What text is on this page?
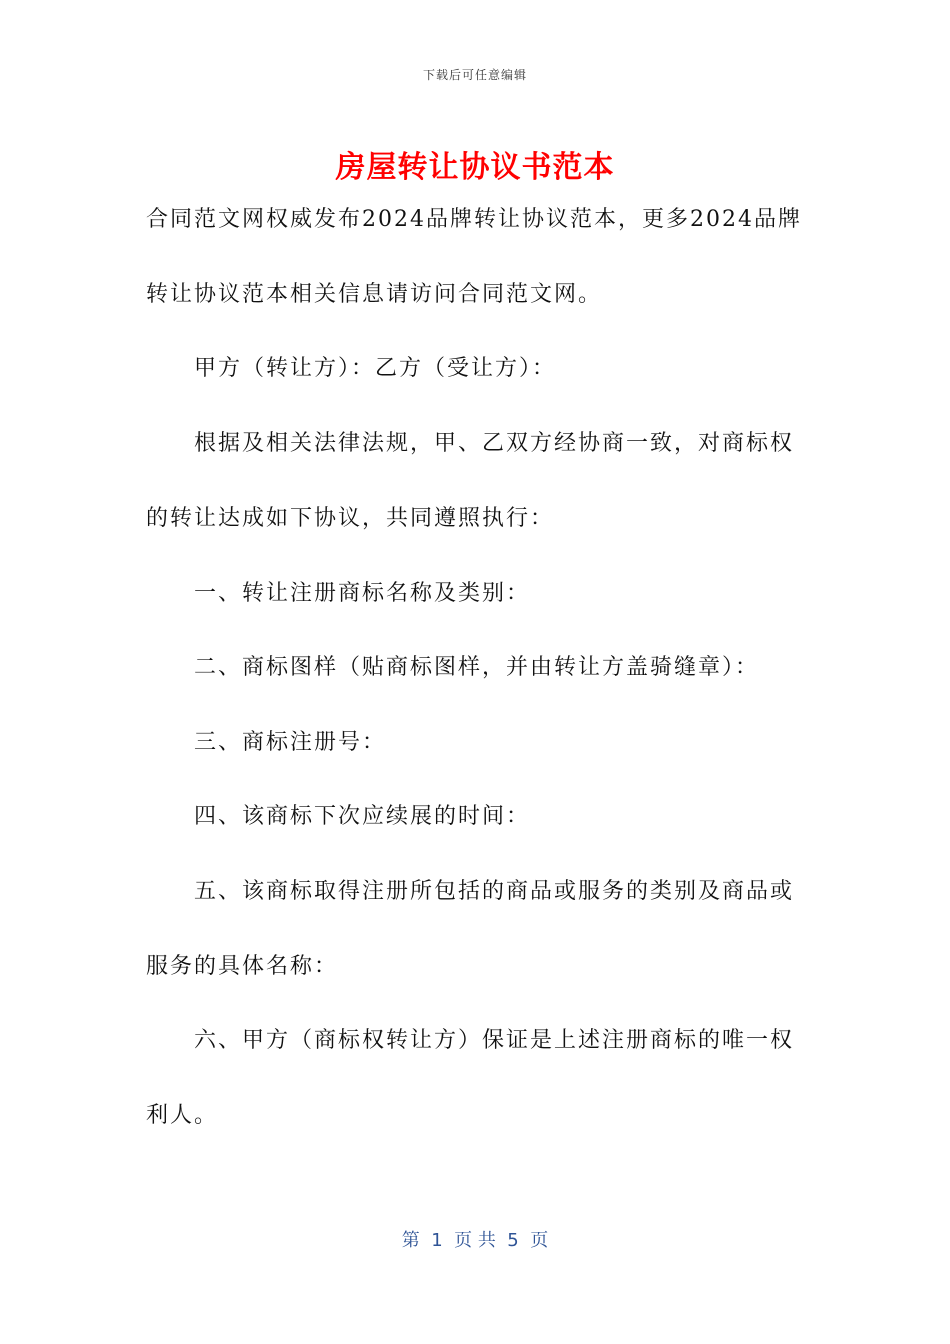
下载后可任意编辑
房屋转让协议书范本
合同范文网权威发布2024品牌转让协议范本，更多2024品牌
转让协议范本相关信息请访问合同范文网。
甲方（转让方）：乙方（受让方）：
根据及相关法律法规，甲、乙双方经协商一致，对商标权
的转让达成如下协议，共同遵照执行：
一、转让注册商标名称及类别：
二、商标图样（贴商标图样，并由转让方盖骑缝章）：
三、商标注册号：
四、该商标下次应续展的时间：
五、该商标取得注册所包括的商品或服务的类别及商品或
服务的具体名称：
六、甲方（商标权转让方）保证是上述注册商标的唯一权
利人。
第  1  页 共  5  页
